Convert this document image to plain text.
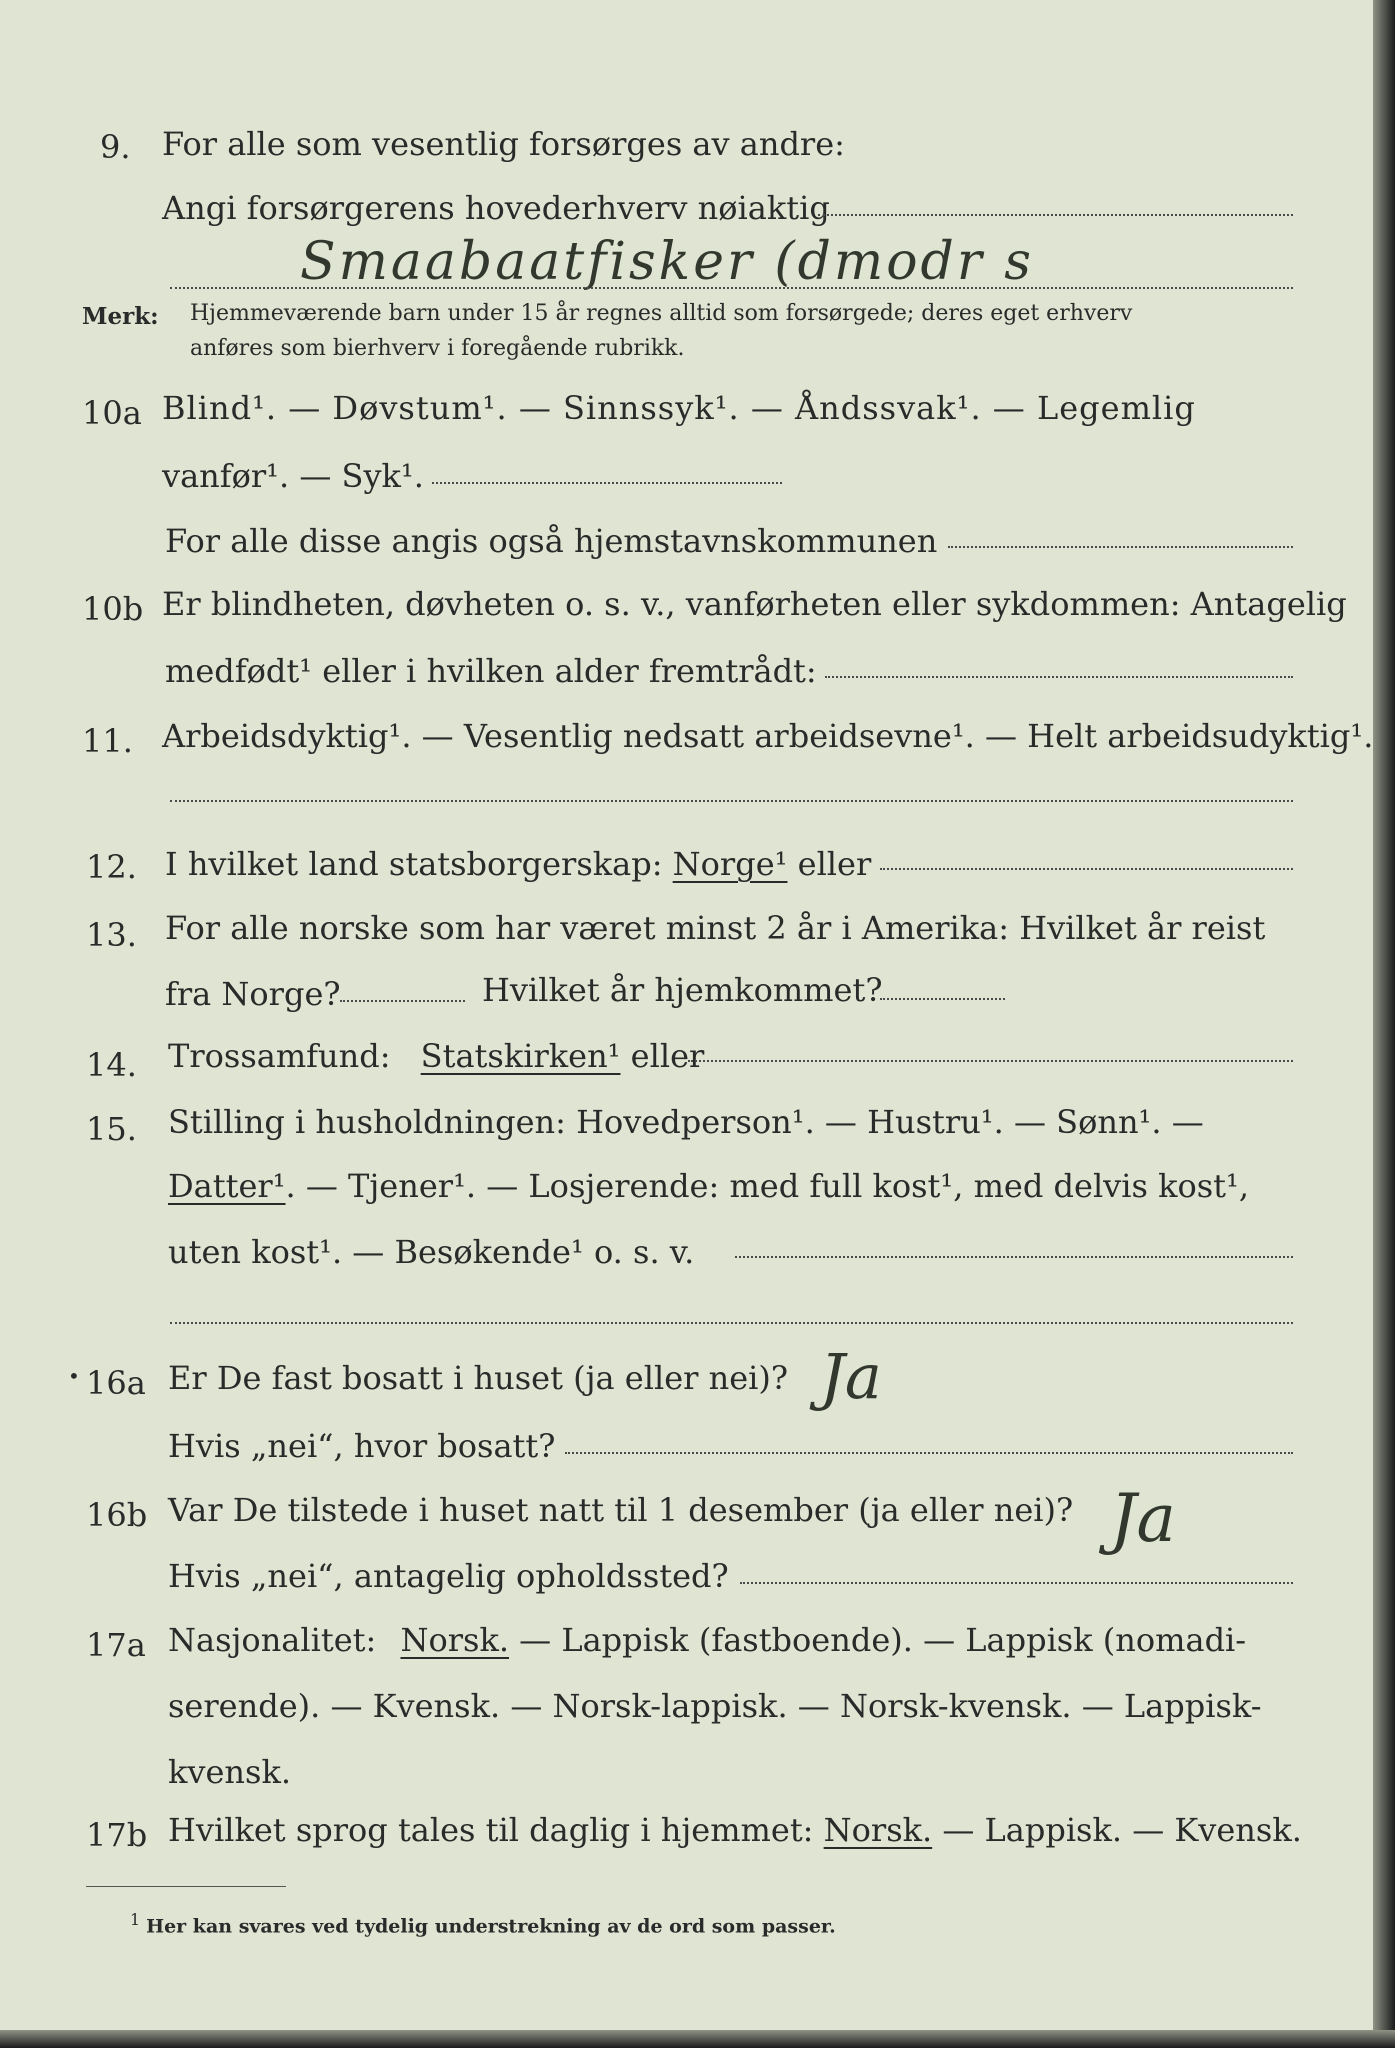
9. For alle som vesentlig forsørges av andre:
Angi forsørgerens hovederhverv nøiaktig
Smaabaatfisker (dmodr s
Merk: Hjemmeværende barn under 15 år regnes alltid som forsørgede; deres eget erhverv
anføres som bierhverv i foregående rubrikk.
10a Blind¹. — Døvstum¹. — Sinnssyk¹. — Åndssvak¹. — Legemlig
vanfør¹. — Syk¹.
For alle disse angis også hjemstavnskommunen
10b Er blindheten, døvheten o. s. v., vanførheten eller sykdommen: Antagelig
medfødt¹ eller i hvilken alder fremtrådt:
11. Arbeidsdyktig¹. — Vesentlig nedsatt arbeidsevne¹. — Helt arbeidsudyktig¹.
12. I hvilket land statsborgerskap: Norge¹ eller
13. For alle norske som har været minst 2 år i Amerika: Hvilket år reist
fra Norge?	Hvilket år hjemkommet?
14. Trossamfund: Statskirken¹ eller
15. Stilling i husholdningen: Hovedperson¹. — Hustru¹. — Sønn¹. —
Datter¹. — Tjener¹. — Losjerende: med full kost¹, med delvis kost¹,
uten kost¹. — Besøkende¹ o. s. v.
• 16a Er De fast bosatt i huset (ja eller nei)? Ja
Hvis „nei“, hvor bosatt?
16b Var De tilstede i huset natt til 1 desember (ja eller nei)? Ja
Hvis „nei“, antagelig opholdssted?
17a Nasjonalitet: Norsk. — Lappisk (fastboende). — Lappisk (nomadi-
serende). — Kvensk. — Norsk-lappisk. — Norsk-kvensk. — Lappisk-
kvensk.
17b Hvilket sprog tales til daglig i hjemmet: Norsk. — Lappisk. — Kvensk.
$^1$ Her kan svares ved tydelig understrekning av de ord som passer.
